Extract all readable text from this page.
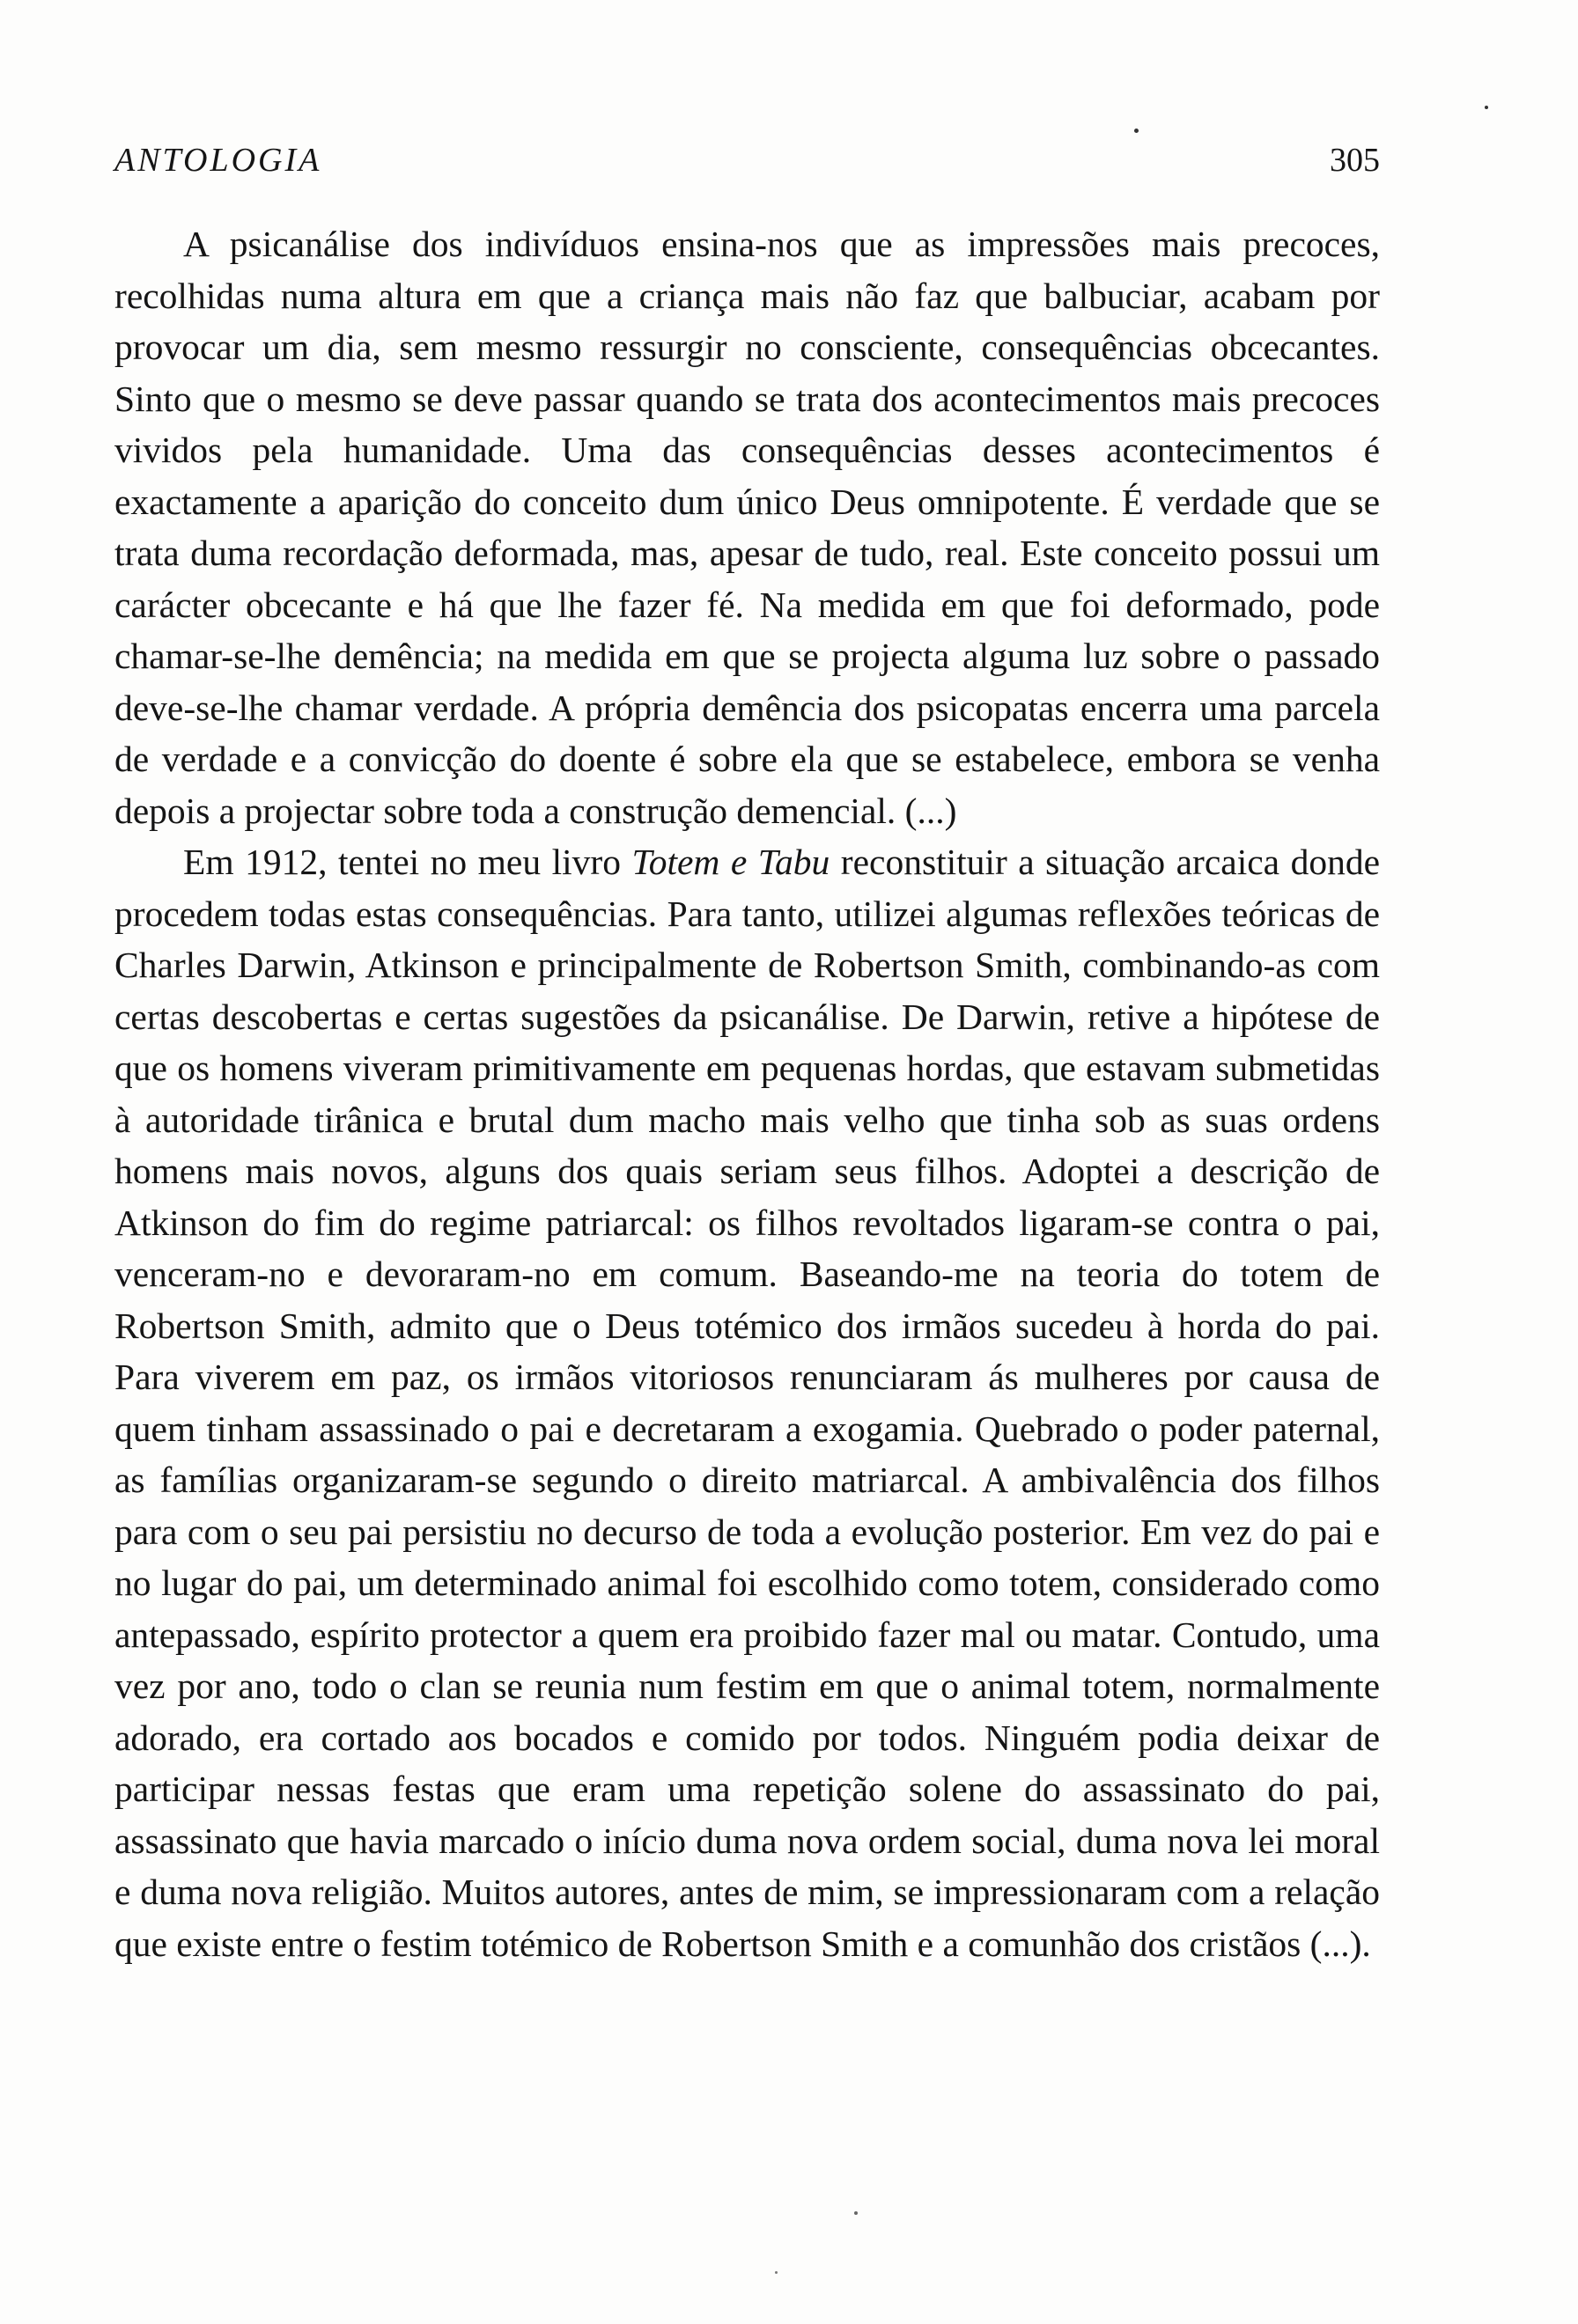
ANTOLOGIA	305

A psicanálise dos indivíduos ensina-nos que as impressões mais precoces, recolhidas numa altura em que a criança mais não faz que balbuciar, acabam por provocar um dia, sem mesmo ressurgir no consciente, consequências obcecantes. Sinto que o mesmo se deve passar quando se trata dos acontecimentos mais precoces vividos pela humanidade. Uma das consequências desses acontecimentos é exactamente a aparição do conceito dum único Deus omnipotente. É verdade que se trata duma recordação deformada, mas, apesar de tudo, real. Este conceito possui um carácter obcecante e há que lhe fazer fé. Na medida em que foi deformado, pode chamar-se-lhe demência; na medida em que se projecta alguma luz sobre o passado deve-se-lhe chamar verdade. A própria demência dos psicopatas encerra uma parcela de verdade e a convicção do doente é sobre ela que se estabelece, embora se venha depois a projectar sobre toda a construção demencial. (...)

Em 1912, tentei no meu livro Totem e Tabu reconstituir a situação arcaica donde procedem todas estas consequências. Para tanto, utilizei algumas reflexões teóricas de Charles Darwin, Atkinson e principalmente de Robertson Smith, combinando-as com certas descobertas e certas sugestões da psicanálise. De Darwin, retive a hipótese de que os homens viveram primitivamente em pequenas hordas, que estavam submetidas à autoridade tirânica e brutal dum macho mais velho que tinha sob as suas ordens homens mais novos, alguns dos quais seriam seus filhos. Adoptei a descrição de Atkinson do fim do regime patriarcal: os filhos revoltados ligaram-se contra o pai, venceram-no e devoraram-no em comum. Baseando-me na teoria do totem de Robertson Smith, admito que o Deus totémico dos irmãos sucedeu à horda do pai. Para viverem em paz, os irmãos vitoriosos renunciaram ás mulheres por causa de quem tinham assassinado o pai e decretaram a exogamia. Quebrado o poder paternal, as famílias organizaram-se segundo o direito matriarcal. A ambivalência dos filhos para com o seu pai persistiu no decurso de toda a evolução posterior. Em vez do pai e no lugar do pai, um determinado animal foi escolhido como totem, considerado como antepassado, espírito protector a quem era proibido fazer mal ou matar. Contudo, uma vez por ano, todo o clan se reunia num festim em que o animal totem, normalmente adorado, era cortado aos bocados e comido por todos. Ninguém podia deixar de participar nessas festas que eram uma repetição solene do assassinato do pai, assassinato que havia marcado o início duma nova ordem social, duma nova lei moral e duma nova religião. Muitos autores, antes de mim, se impressionaram com a relação que existe entre o festim totémico de Robertson Smith e a comunhão dos cristãos (...).
